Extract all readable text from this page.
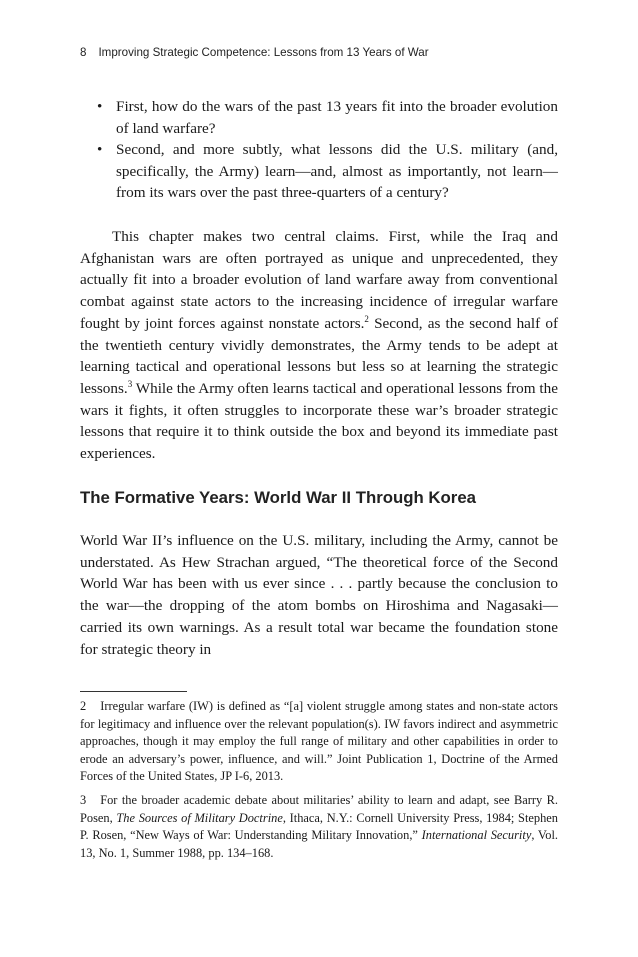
8 Improving Strategic Competence: Lessons from 13 Years of War
• First, how do the wars of the past 13 years fit into the broader evolution of land warfare?
• Second, and more subtly, what lessons did the U.S. military (and, specifically, the Army) learn—and, almost as importantly, not learn—from its wars over the past three-quarters of a century?

This chapter makes two central claims. First, while the Iraq and Afghanistan wars are often portrayed as unique and unprecedented, they actually fit into a broader evolution of land warfare away from conventional combat against state actors to the increasing incidence of irregular warfare fought by joint forces against nonstate actors.$^2$ Second, as the second half of the twentieth century vividly demonstrates, the Army tends to be adept at learning tactical and operational lessons but less so at learning the strategic lessons.$^3$ While the Army often learns tactical and operational lessons from the wars it fights, it often struggles to incorporate these war’s broader strategic lessons that require it to think outside the box and beyond its immediate past experiences.

The Formative Years: World War II Through Korea

World War II’s influence on the U.S. military, including the Army, cannot be understated. As Hew Strachan argued, “The theoretical force of the Second World War has been with us ever since . . . partly because the conclusion to the war—the dropping of the atom bombs on Hiroshima and Nagasaki—carried its own warnings. As a result total war became the foundation stone for strategic theory in

2 Irregular warfare (IW) is defined as “[a] violent struggle among states and non-state actors for legitimacy and influence over the relevant population(s). IW favors indirect and asymmetric approaches, though it may employ the full range of military and other capabilities in order to erode an adversary’s power, influence, and will.” Joint Publication 1, Doctrine of the Armed Forces of the United States, JP I-6, 2013.

3 For the broader academic debate about militaries’ ability to learn and adapt, see Barry R. Posen, The Sources of Military Doctrine, Ithaca, N.Y.: Cornell University Press, 1984; Stephen P. Rosen, “New Ways of War: Understanding Military Innovation,” International Security, Vol. 13, No. 1, Summer 1988, pp. 134–168.
